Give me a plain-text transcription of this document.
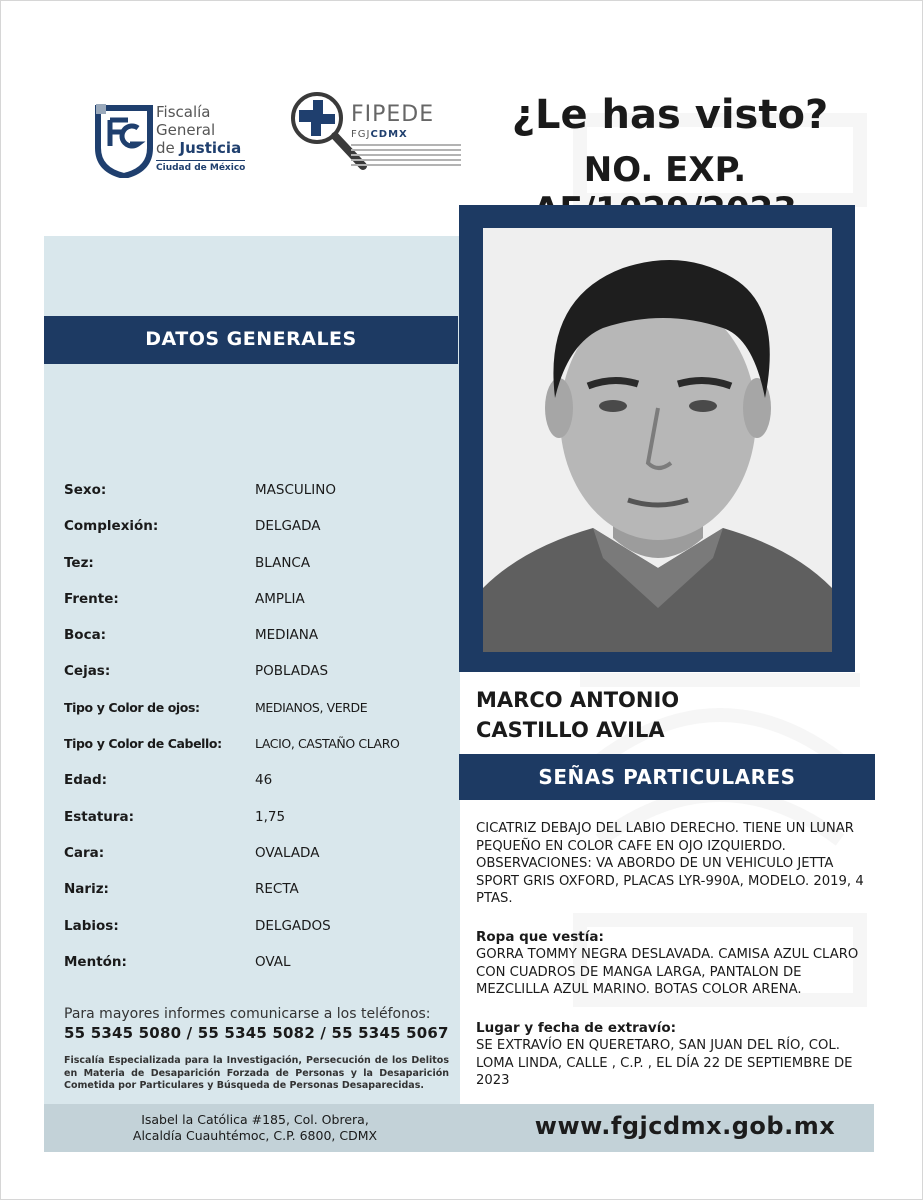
Fiscalía
General
de Justicia
Ciudad de México
FIPEDE
FGJCDMX	¿Le has visto?
NO. EXP.
MARCO ANTONIO
CASTILLO AVILA
DATOS GENERALES
SEÑAS PARTICULARES
Sexo:	MASCULINO
Complexión:	DELGADA
Tez:	BLANCA
Frente:	AMPLIA
Boca:	MEDIANA
Cejas:	POBLADAS
Tipo y Color de ojos:	MEDIANOS, VERDE
Tipo y Color de Cabello:	LACIO, CASTAÑO CLARO
Edad:	46
Estatura:	1,75
Cara:	OVALADA
Nariz:	RECTA
Labios:	DELGADOS
Mentón:	OVAL
Para mayores informes comunicarse a los teléfonos:
55 5345 5080 / 55 5345 5082 / 55 5345 5067
Fiscalía Especializada para la Investigación, Persecución de los Delitos en Materia de Desaparición Forzada de Personas y la Desaparición Cometida por Particulares y Búsqueda de Personas Desaparecidas.
CICATRIZ DEBAJO DEL LABIO DERECHO. TIENE UN LUNAR PEQUEÑO EN COLOR CAFE EN OJO IZQUIERDO. OBSERVACIONES: VA ABORDO DE UN VEHICULO JETTA SPORT GRIS OXFORD, PLACAS LYR-990A, MODELO. 2019, 4 PTAS.
Ropa que vestía:
GORRA TOMMY NEGRA DESLAVADA. CAMISA AZUL CLARO CON CUADROS DE MANGA LARGA, PANTALON DE MEZCLILLA AZUL MARINO. BOTAS COLOR ARENA.
Lugar y fecha de extravío:
SE EXTRAVÍO EN QUERETARO, SAN JUAN DEL RÍO, COL. LOMA LINDA, CALLE , C.P. , EL DÍA 22 DE SEPTIEMBRE DE 2023
Isabel la Católica #185, Col. Obrera,
Alcaldía Cuauhtémoc, C.P. 6800, CDMX	www.fgjcdmx.gob.mx
